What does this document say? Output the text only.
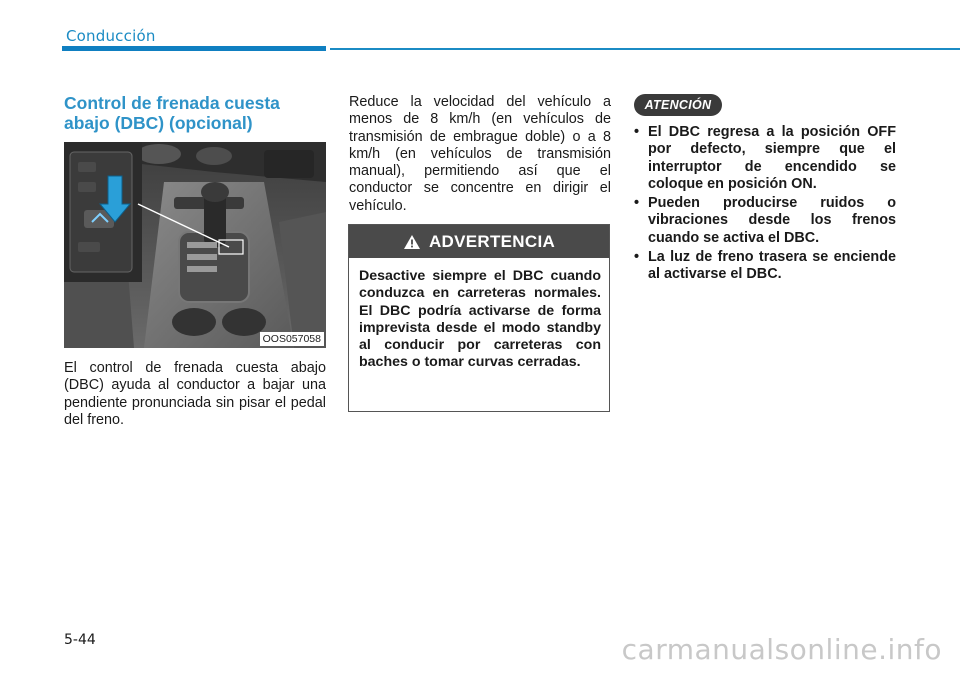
Conducción
Control de frenada cuesta abajo (DBC) (opcional)
OOS057058
El control de frenada cuesta abajo (DBC) ayuda al conductor a bajar una pendiente pronunciada sin pisar el pedal del freno.
Reduce la velocidad del vehículo a menos de 8 km/h (en vehículos de transmisión de embrague doble) o a 8 km/h (en vehículos de transmisión manual), permitiendo así que el conductor se concentre en dirigir el vehículo.
ADVERTENCIA
Desactive siempre el DBC cuando conduzca en carreteras normales. El DBC podría activarse de forma imprevista desde el modo standby al conducir por carreteras con baches o tomar curvas cerradas.
ATENCIÓN
• El DBC regresa a la posición OFF por defecto, siempre que el interruptor de encendido se coloque en posición ON.
• Pueden producirse ruidos o vibraciones desde los frenos cuando se activa el DBC.
• La luz de freno trasera se enciende al activarse el DBC.
5-44	carmanualsonline.info
